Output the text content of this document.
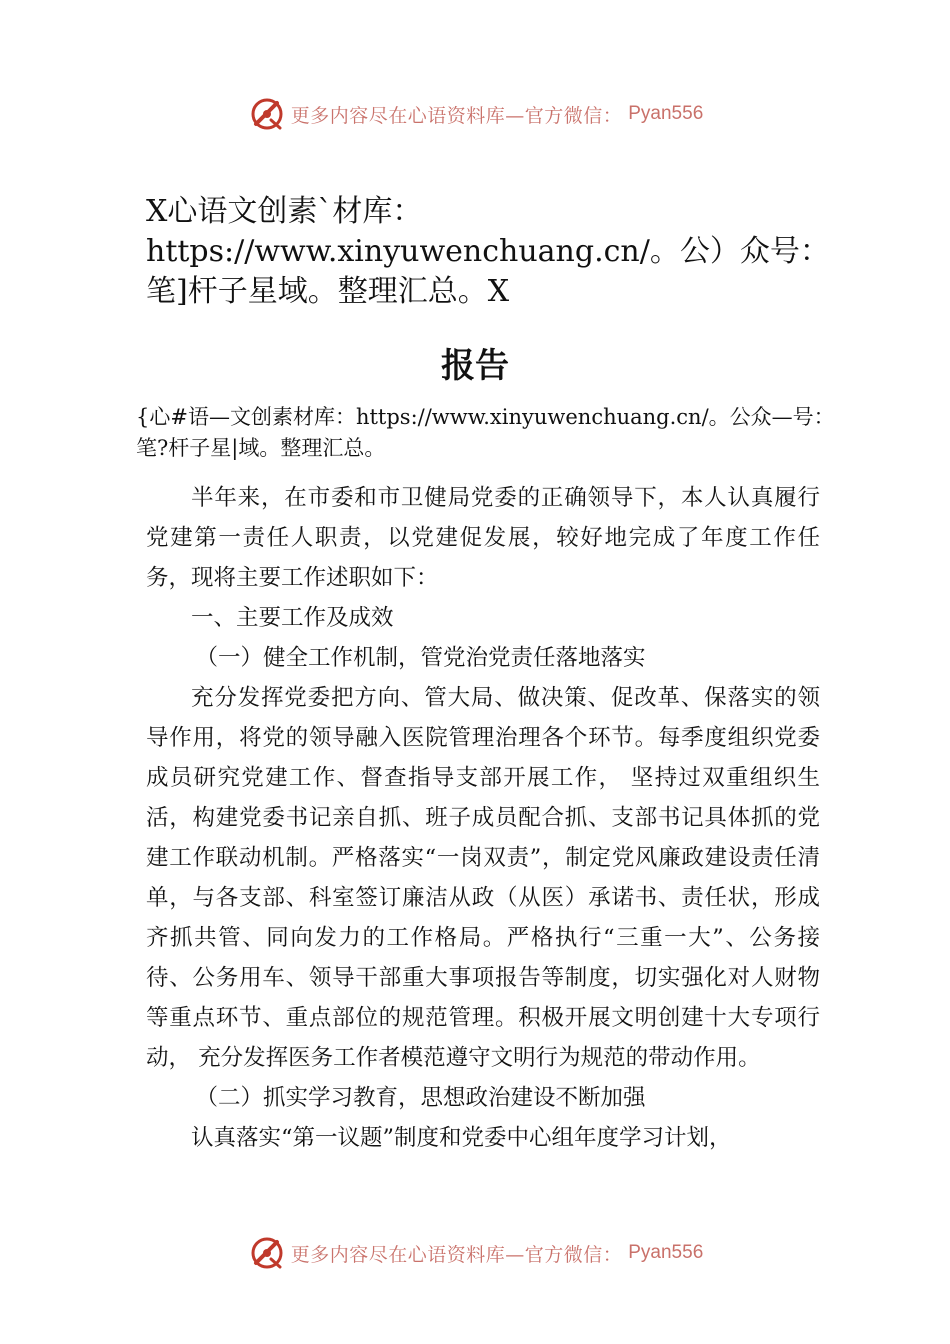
更多内容尽在心语资料库—官方微信： Pyan556
X心语文创素`材库：https://www.xinyuwenchuang.cn/。公）众号：笔]杆子星域。整理汇总。X
报告
{心#语—文创素材库：https://www.xinyuwenchuang.cn/。公众—号：笔?杆子星|域。整理汇总。

半年来，在市委和市卫健局党委的正确领导下，本人认真履行党建第一责任人职责，以党建促发展，较好地完成了年度工作任务，现将主要工作述职如下：

一、主要工作及成效

（一）健全工作机制，管党治党责任落地落实

充分发挥党委把方向、管大局、做决策、促改革、保落实的领导作用，将党的领导融入医院管理治理各个环节。每季度组织党委成员研究党建工作、督查指导支部开展工作， 坚持过双重组织生活，构建党委书记亲自抓、班子成员配合抓、支部书记具体抓的党建工作联动机制。严格落实“一岗双责”，制定党风廉政建设责任清单，与各支部、科室签订廉洁从政（从医）承诺书、责任状，形成齐抓共管、同向发力的工作格局。严格执行“三重一大”、公务接待、公务用车、领导干部重大事项报告等制度，切实强化对人财物等重点环节、重点部位的规范管理。积极开展文明创建十大专项行动， 充分发挥医务工作者模范遵守文明行为规范的带动作用。

（二）抓实学习教育，思想政治建设不断加强

认真落实“第一议题”制度和党委中心组年度学习计划，

更多内容尽在心语资料库—官方微信： Pyan556
